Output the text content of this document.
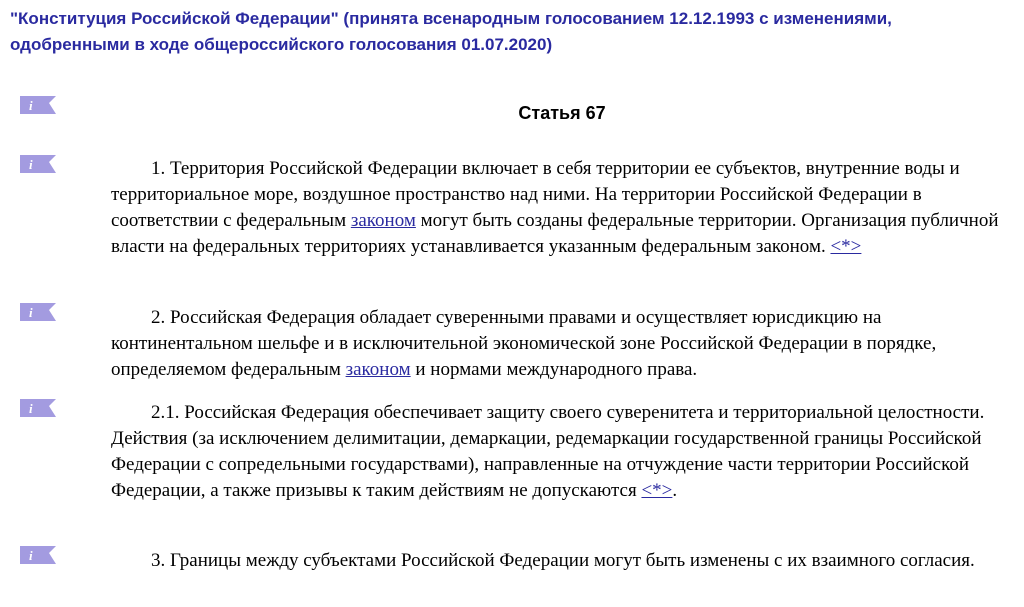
"Конституция Российской Федерации" (принята всенародным голосованием 12.12.1993 с изменениями, одобренными в ходе общероссийского голосования 01.07.2020)
i	Статья 67
i	1. Территория Российской Федерации включает в себя территории ее субъектов, внутренние воды и территориальное море, воздушное пространство над ними. На территории Российской Федерации в соответствии с федеральным законом могут быть созданы федеральные территории. Организация публичной власти на федеральных территориях устанавливается указанным федеральным законом. <*>

i	2. Российская Федерация обладает суверенными правами и осуществляет юрисдикцию на континентальном шельфе и в исключительной экономической зоне Российской Федерации в порядке, определяемом федеральным законом и нормами международного права.

i	2.1. Российская Федерация обеспечивает защиту своего суверенитета и территориальной целостности. Действия (за исключением делимитации, демаркации, редемаркации государственной границы Российской Федерации с сопредельными государствами), направленные на отчуждение части территории Российской Федерации, а также призывы к таким действиям не допускаются <*>.

i	3. Границы между субъектами Российской Федерации могут быть изменены с их взаимного согласия.
